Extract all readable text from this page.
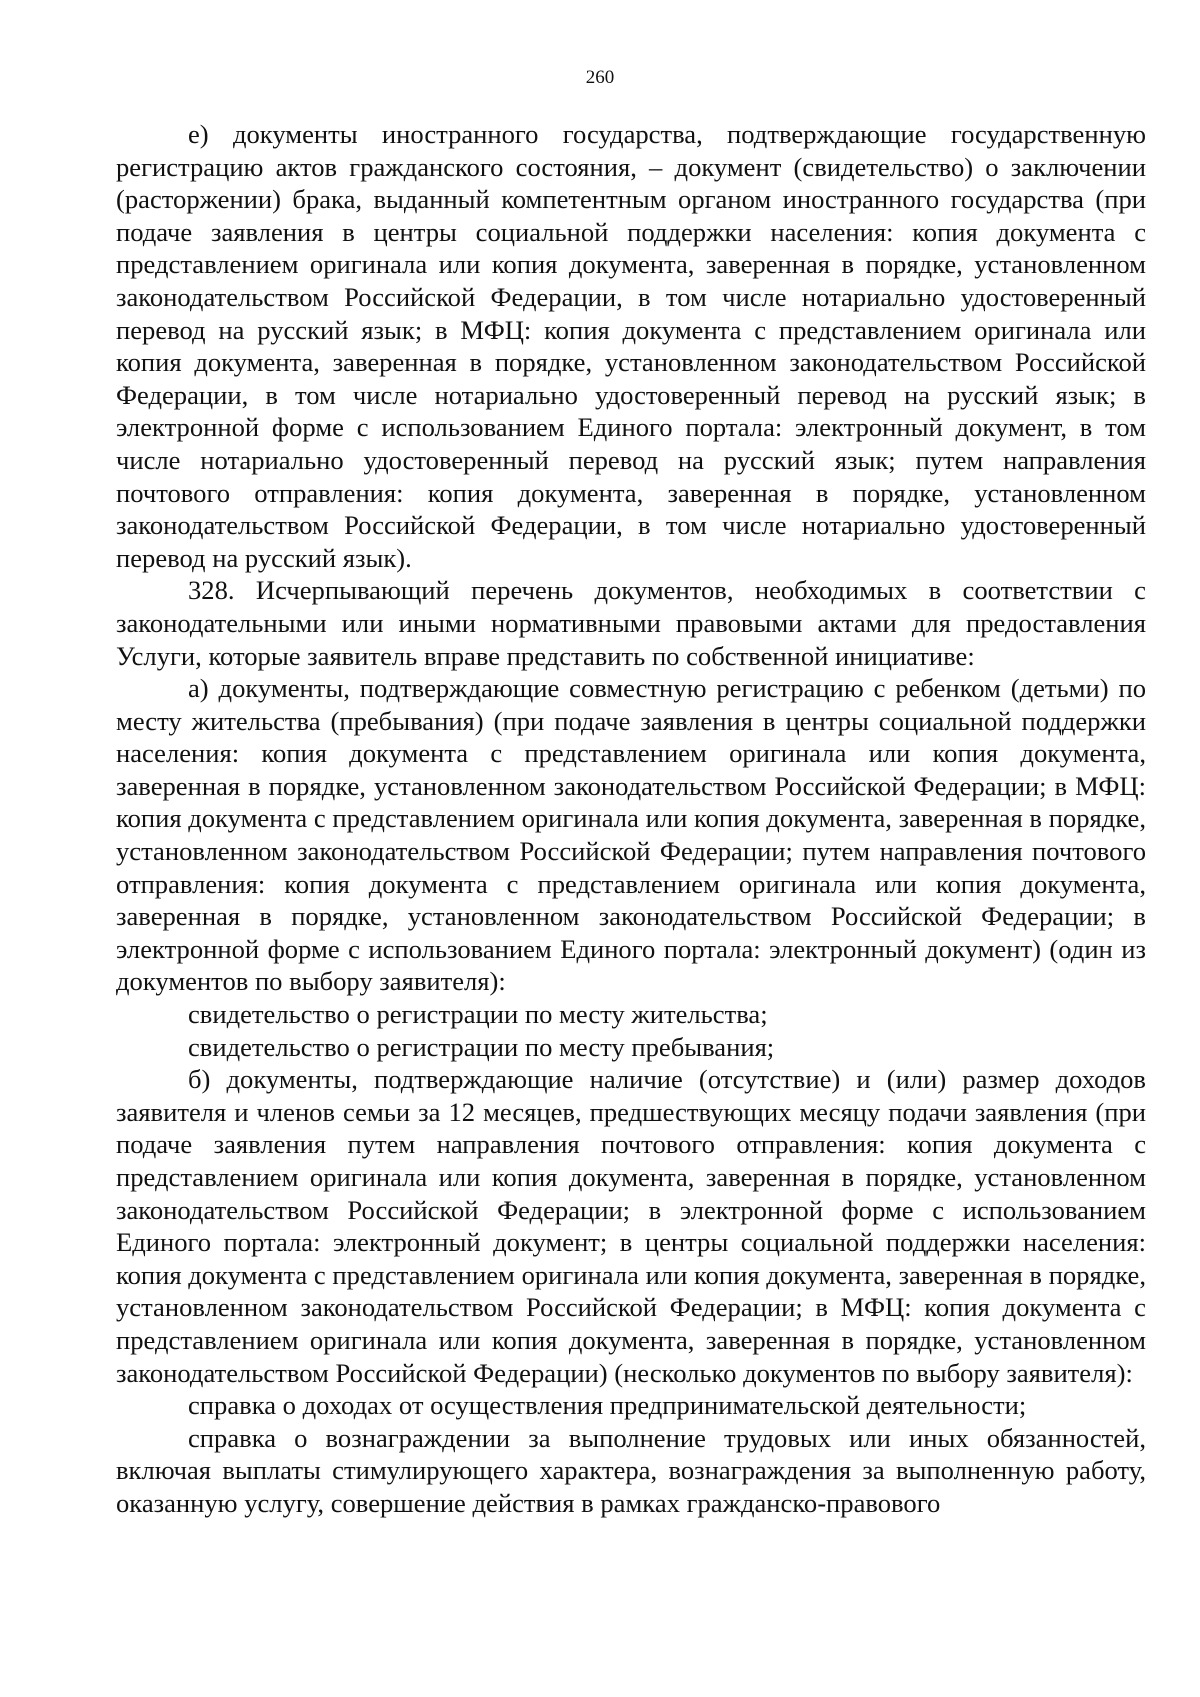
260

е) документы иностранного государства, подтверждающие государственную регистрацию актов гражданского состояния, – документ (свидетельство) о заключении (расторжении) брака, выданный компетентным органом иностранного государства (при подаче заявления в центры социальной поддержки населения: копия документа с представлением оригинала или копия документа, заверенная в порядке, установленном законодательством Российской Федерации, в том числе нотариально удостоверенный перевод на русский язык; в МФЦ: копия документа с представлением оригинала или копия документа, заверенная в порядке, установленном законодательством Российской Федерации, в том числе нотариально удостоверенный перевод на русский язык; в электронной форме с использованием Единого портала: электронный документ, в том числе нотариально удостоверенный перевод на русский язык; путем направления почтового отправления: копия документа, заверенная в порядке, установленном законодательством Российской Федерации, в том числе нотариально удостоверенный перевод на русский язык).

328. Исчерпывающий перечень документов, необходимых в соответствии с законодательными или иными нормативными правовыми актами для предоставления Услуги, которые заявитель вправе представить по собственной инициативе:

а) документы, подтверждающие совместную регистрацию с ребенком (детьми) по месту жительства (пребывания) (при подаче заявления в центры социальной поддержки населения: копия документа с представлением оригинала или копия документа, заверенная в порядке, установленном законодательством Российской Федерации; в МФЦ: копия документа с представлением оригинала или копия документа, заверенная в порядке, установленном законодательством Российской Федерации; путем направления почтового отправления: копия документа с представлением оригинала или копия документа, заверенная в порядке, установленном законодательством Российской Федерации; в электронной форме с использованием Единого портала: электронный документ) (один из документов по выбору заявителя):

свидетельство о регистрации по месту жительства;

свидетельство о регистрации по месту пребывания;

б) документы, подтверждающие наличие (отсутствие) и (или) размер доходов заявителя и членов семьи за 12 месяцев, предшествующих месяцу подачи заявления (при подаче заявления путем направления почтового отправления: копия документа с представлением оригинала или копия документа, заверенная в порядке, установленном законодательством Российской Федерации; в электронной форме с использованием Единого портала: электронный документ; в центры социальной поддержки населения: копия документа с представлением оригинала или копия документа, заверенная в порядке, установленном законодательством Российской Федерации; в МФЦ: копия документа с представлением оригинала или копия документа, заверенная в порядке, установленном законодательством Российской Федерации) (несколько документов по выбору заявителя):

справка о доходах от осуществления предпринимательской деятельности;

справка о вознаграждении за выполнение трудовых или иных обязанностей, включая выплаты стимулирующего характера, вознаграждения за выполненную работу, оказанную услугу, совершение действия в рамках гражданско-правового
